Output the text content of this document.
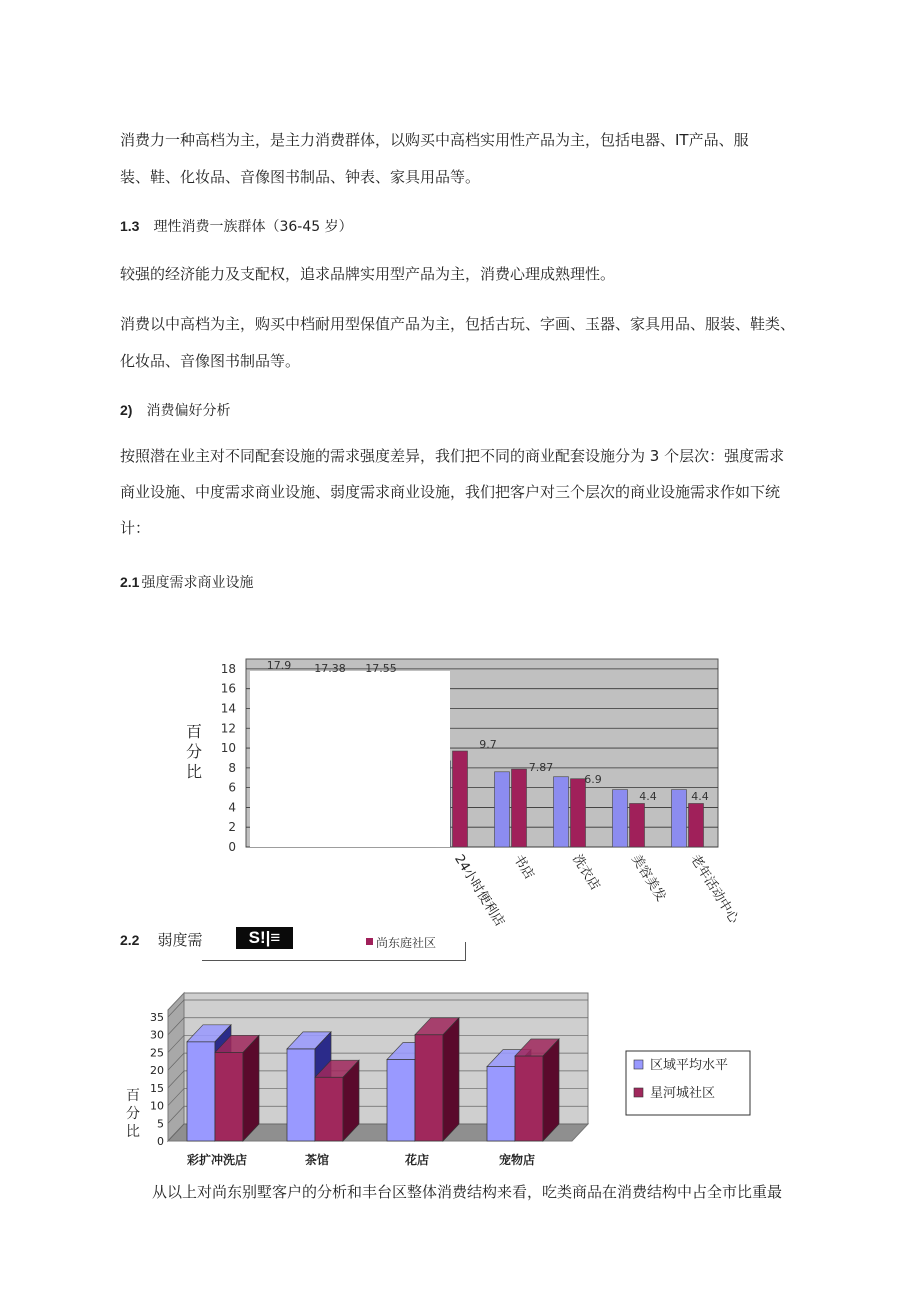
消费力一种高档为主，是主力消费群体，以购买中高档实用性产品为主，包括电器、IT产品、服
装、鞋、化妆品、音像图书制品、钟表、家具用品等。
1.3 理性消费一族群体（36-45 岁）
较强的经济能力及支配权，追求品牌实用型产品为主，消费心理成熟理性。
消费以中高档为主，购买中档耐用型保值产品为主，包括古玩、字画、玉器、家具用品、服装、鞋类、
化妆品、音像图书制品等。
2) 消费偏好分析
按照潜在业主对不同配套设施的需求强度差异，我们把不同的商业配套设施分为 3 个层次：强度需求
商业设施、中度需求商业设施、弱度需求商业设施，我们把客户对三个层次的商业设施需求作如下统
计：
2.1 强度需求商业设施
0
2
4
6
8
10
12
14
16
18
24小时便利店 书店 洗衣店 美容美发 老年活动中心
百
分
比
17.9 17.38 17.55
9.7
7.87
6.9
4.4	4.4
2.2 弱度需	S!|≡	尚东庭社区
0
5
10
15
20
25
30
35
彩扩冲洗店	茶馆	花店	宠物店
百
分
比
区域平均水平
星河城社区
从以上对尚东别墅客户的分析和丰台区整体消费结构来看，吃类商品在消费结构中占全市比重最
